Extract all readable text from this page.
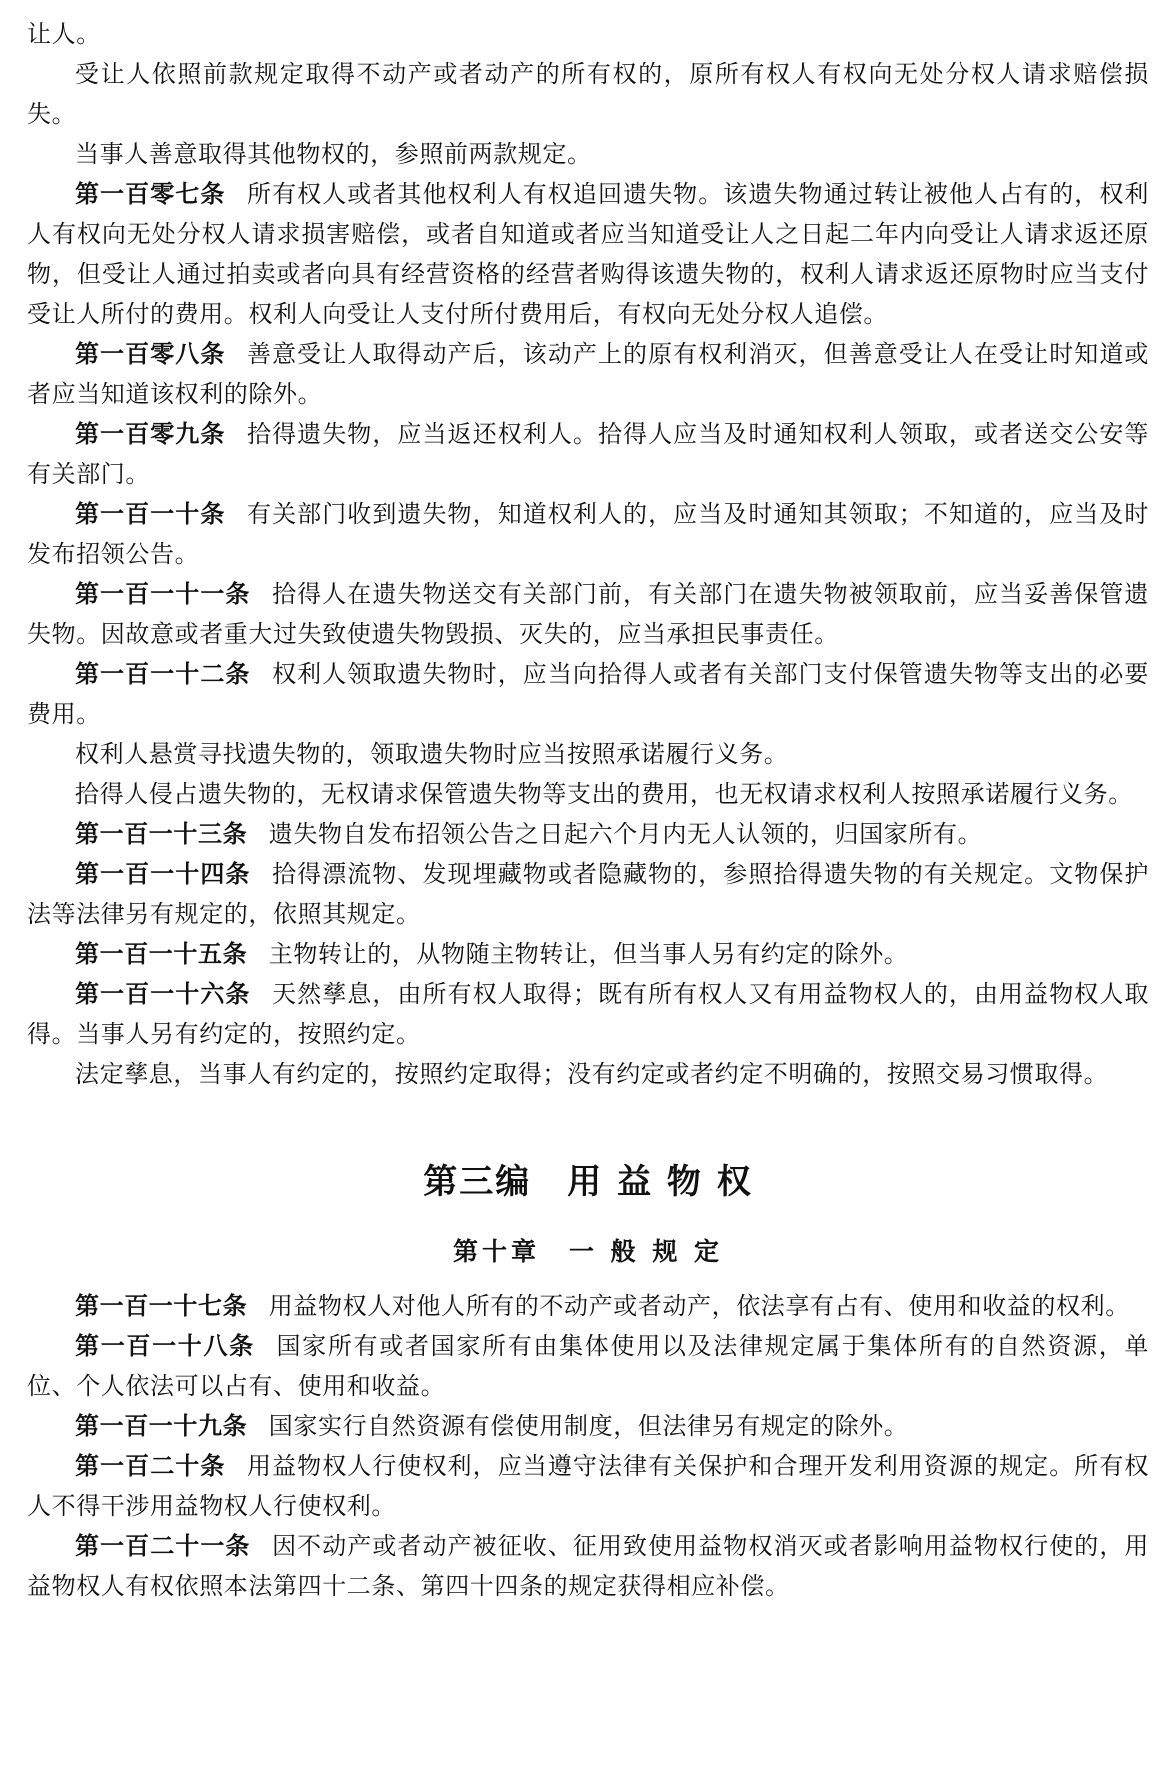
让人。

受让人依照前款规定取得不动产或者动产的所有权的，原所有权人有权向无处分权人请求赔偿损失。

当事人善意取得其他物权的，参照前两款规定。

第一百零七条 所有权人或者其他权利人有权追回遗失物。该遗失物通过转让被他人占有的，权利人有权向无处分权人请求损害赔偿，或者自知道或者应当知道受让人之日起二年内向受让人请求返还原物，但受让人通过拍卖或者向具有经营资格的经营者购得该遗失物的，权利人请求返还原物时应当支付受让人所付的费用。权利人向受让人支付所付费用后，有权向无处分权人追偿。

第一百零八条 善意受让人取得动产后，该动产上的原有权利消灭，但善意受让人在受让时知道或者应当知道该权利的除外。

第一百零九条 拾得遗失物，应当返还权利人。拾得人应当及时通知权利人领取，或者送交公安等有关部门。

第一百一十条 有关部门收到遗失物，知道权利人的，应当及时通知其领取；不知道的，应当及时发布招领公告。

第一百一十一条 拾得人在遗失物送交有关部门前，有关部门在遗失物被领取前，应当妥善保管遗失物。因故意或者重大过失致使遗失物毁损、灭失的，应当承担民事责任。

第一百一十二条 权利人领取遗失物时，应当向拾得人或者有关部门支付保管遗失物等支出的必要费用。

权利人悬赏寻找遗失物的，领取遗失物时应当按照承诺履行义务。

拾得人侵占遗失物的，无权请求保管遗失物等支出的费用，也无权请求权利人按照承诺履行义务。

第一百一十三条 遗失物自发布招领公告之日起六个月内无人认领的，归国家所有。

第一百一十四条 拾得漂流物、发现埋藏物或者隐藏物的，参照拾得遗失物的有关规定。文物保护法等法律另有规定的，依照其规定。

第一百一十五条 主物转让的，从物随主物转让，但当事人另有约定的除外。

第一百一十六条 天然孳息，由所有权人取得；既有所有权人又有用益物权人的，由用益物权人取得。当事人另有约定的，按照约定。

法定孳息，当事人有约定的，按照约定取得；没有约定或者约定不明确的，按照交易习惯取得。

第三编　用 益 物 权
第十章　一 般 规 定

第一百一十七条 用益物权人对他人所有的不动产或者动产，依法享有占有、使用和收益的权利。

第一百一十八条 国家所有或者国家所有由集体使用以及法律规定属于集体所有的自然资源，单位、个人依法可以占有、使用和收益。

第一百一十九条 国家实行自然资源有偿使用制度，但法律另有规定的除外。

第一百二十条 用益物权人行使权利，应当遵守法律有关保护和合理开发利用资源的规定。所有权人不得干涉用益物权人行使权利。

第一百二十一条 因不动产或者动产被征收、征用致使用益物权消灭或者影响用益物权行使的，用益物权人有权依照本法第四十二条、第四十四条的规定获得相应补偿。
